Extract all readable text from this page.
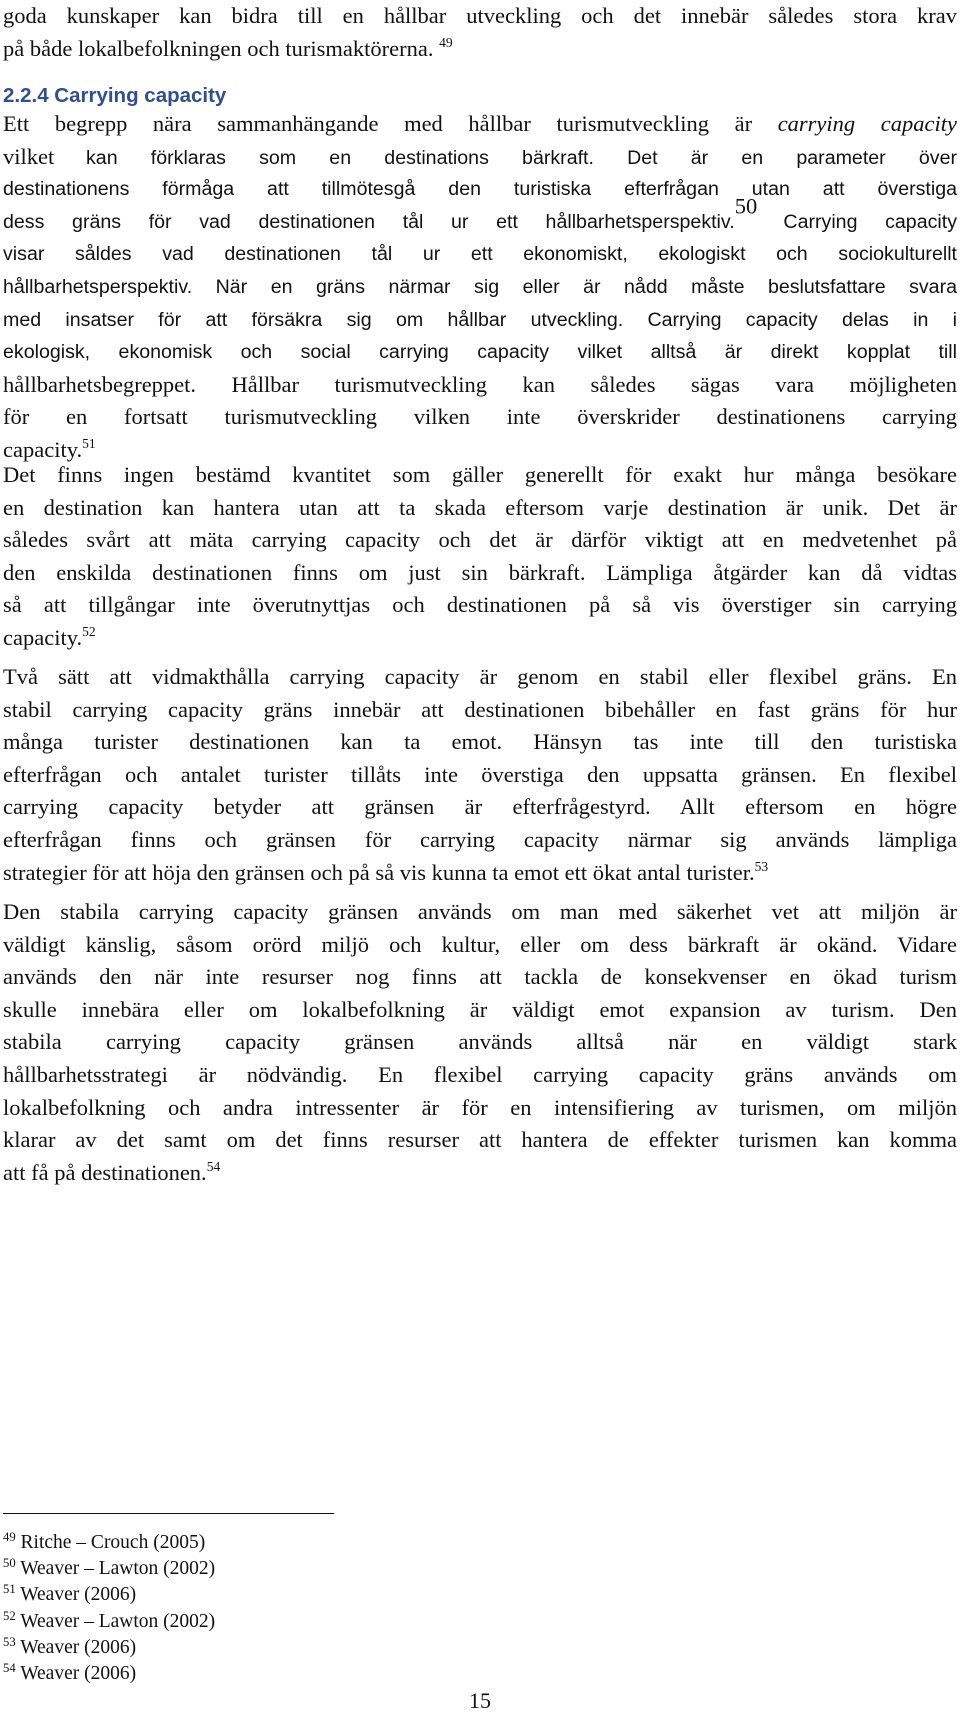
goda kunskaper kan bidra till en hållbar utveckling och det innebär således stora krav
på både lokalbefolkningen och turismaktörerna. $^{49}$
2.2.4 Carrying capacity
Ett begrepp nära sammanhängande med hållbar turismutveckling är carrying capacity
vilket kan förklaras som en destinations bärkraft. Det är en parameter över
destinationens förmåga att tillmötesgå den turistiska efterfrågan utan att överstiga
dess gräns för vad destinationen tål ur ett hållbarhetsperspektiv.$^{50}$ Carrying capacity
visar såldes vad destinationen tål ur ett ekonomiskt, ekologiskt och sociokulturellt
hållbarhetsperspektiv. När en gräns närmar sig eller är nådd måste beslutsfattare svara
med insatser för att försäkra sig om hållbar utveckling. Carrying capacity delas in i
ekologisk, ekonomisk och social carrying capacity vilket alltså är direkt kopplat till
hållbarhetsbegreppet. Hållbar turismutveckling kan således sägas vara möjligheten
för en fortsatt turismutveckling vilken inte överskrider destinationens carrying
capacity.$^{51}$
Det finns ingen bestämd kvantitet som gäller generellt för exakt hur många besökare
en destination kan hantera utan att ta skada eftersom varje destination är unik. Det är
således svårt att mäta carrying capacity och det är därför viktigt att en medvetenhet på
den enskilda destinationen finns om just sin bärkraft. Lämpliga åtgärder kan då vidtas
så att tillgångar inte överutnyttjas och destinationen på så vis överstiger sin carrying
capacity.$^{52}$
Två sätt att vidmakthålla carrying capacity är genom en stabil eller flexibel gräns. En
stabil carrying capacity gräns innebär att destinationen bibehåller en fast gräns för hur
många turister destinationen kan ta emot. Hänsyn tas inte till den turistiska
efterfrågan och antalet turister tillåts inte överstiga den uppsatta gränsen. En flexibel
carrying capacity betyder att gränsen är efterfrågestyrd. Allt eftersom en högre
efterfrågan finns och gränsen för carrying capacity närmar sig används lämpliga
strategier för att höja den gränsen och på så vis kunna ta emot ett ökat antal turister.$^{53}$
Den stabila carrying capacity gränsen används om man med säkerhet vet att miljön är
väldigt känslig, såsom orörd miljö och kultur, eller om dess bärkraft är okänd. Vidare
används den när inte resurser nog finns att tackla de konsekvenser en ökad turism
skulle innebära eller om lokalbefolkning är väldigt emot expansion av turism. Den
stabila carrying capacity gränsen används alltså när en väldigt stark
hållbarhetsstrategi är nödvändig. En flexibel carrying capacity gräns används om
lokalbefolkning och andra intressenter är för en intensifiering av turismen, om miljön
klarar av det samt om det finns resurser att hantera de effekter turismen kan komma
att få på destinationen.$^{54}$
$^{49}$ Ritche – Crouch (2005)
$^{50}$ Weaver – Lawton (2002)
$^{51}$ Weaver (2006)
$^{52}$ Weaver – Lawton (2002)
$^{53}$ Weaver (2006)
$^{54}$ Weaver (2006)
15
